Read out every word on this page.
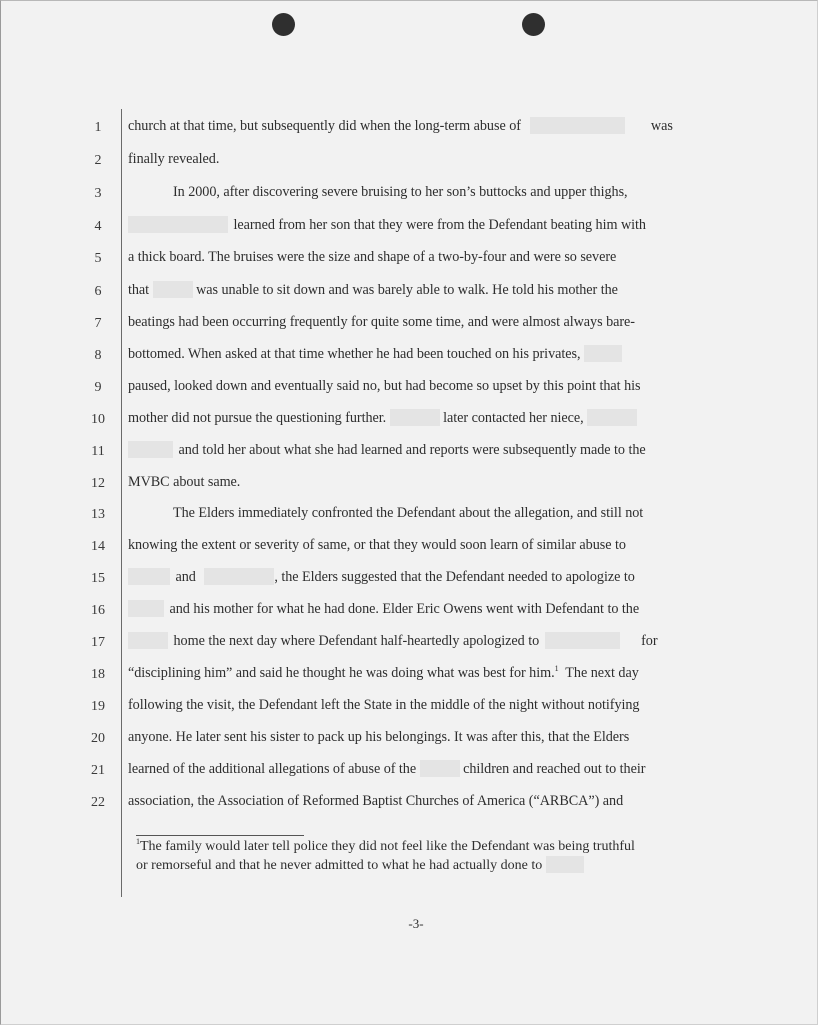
1
2
3
4
5
6
7
8
9
10
11
12
13
14
15
16
17
18
19
20
21
22
church at that time, but subsequently did when the long-term abuse of	was
finally revealed.
In 2000, after discovering severe bruising to her son’s buttocks and upper thighs,
learned from her son that they were from the Defendant beating him with
a thick board. The bruises were the size and shape of a two-by-four and were so severe
that	was unable to sit down and was barely able to walk. He told his mother the
beatings had been occurring frequently for quite some time, and were almost always bare-
bottomed. When asked at that time whether he had been touched on his privates,
paused, looked down and eventually said no, but had become so upset by this point that his
mother did not pursue the questioning further.	later contacted her niece,
and told her about what she had learned and reports were subsequently made to the
MVBC about same.
The Elders immediately confronted the Defendant about the allegation, and still not
knowing the extent or severity of same, or that they would soon learn of similar abuse to
and	, the Elders suggested that the Defendant needed to apologize to
and his mother for what he had done. Elder Eric Owens went with Defendant to the
home the next day where Defendant half-heartedly apologized to	for
“disciplining him” and said he thought he was doing what was best for him.$^1$  The next day
following the visit, the Defendant left the State in the middle of the night without notifying
anyone. He later sent his sister to pack up his belongings. It was after this, that the Elders
learned of the additional allegations of abuse of the	children and reached out to their
association, the Association of Reformed Baptist Churches of America (“ARBCA”) and
$^1$The family would later tell police they did not feel like the Defendant was being truthful
or remorseful and that he never admitted to what he had actually done to
-3-
